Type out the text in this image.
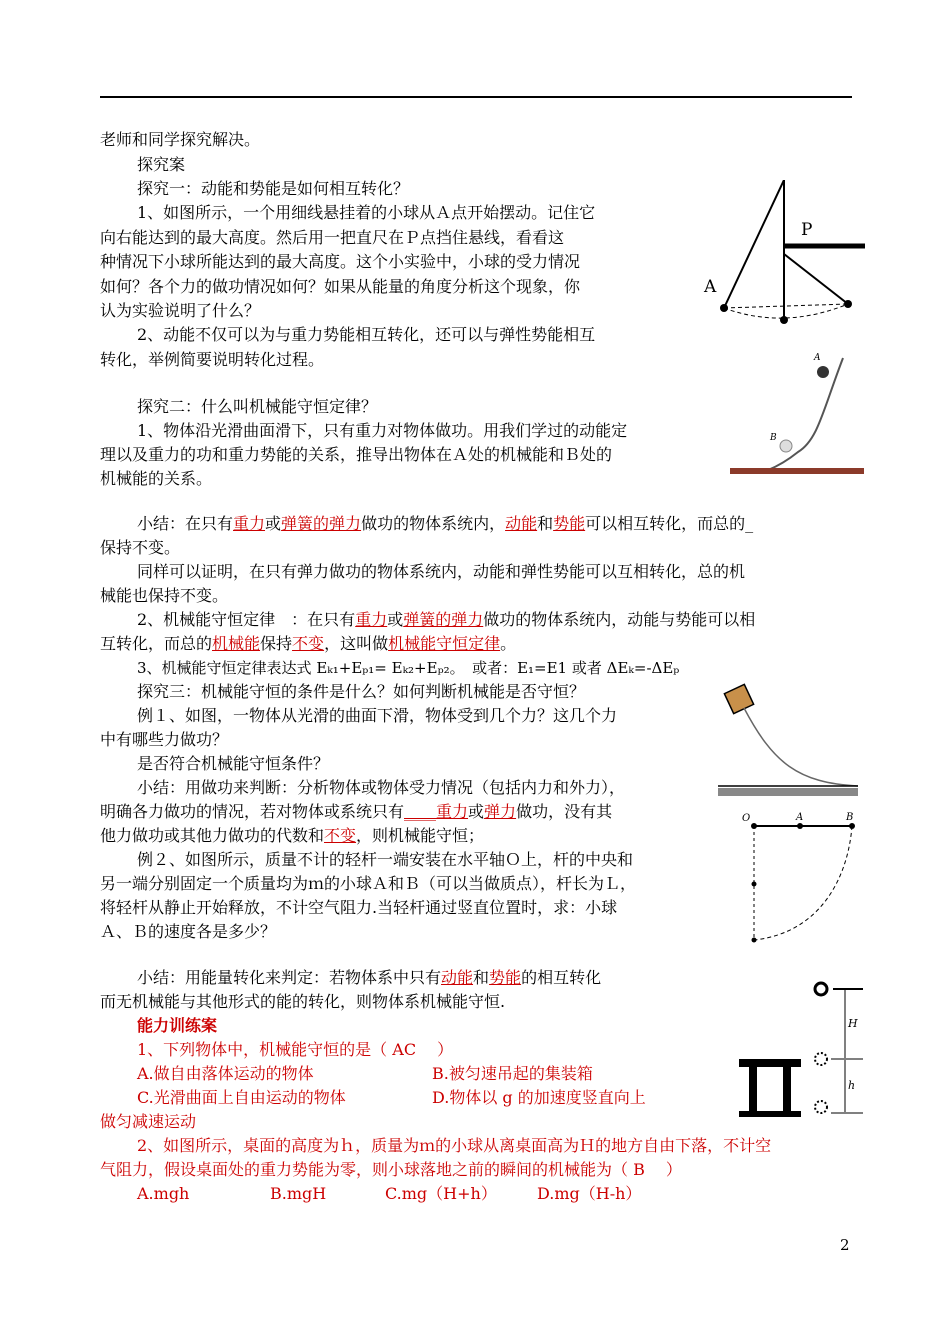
老师和同学探究解决。
探究案
探究一：动能和势能是如何相互转化？
1、如图所示，一个用细线悬挂着的小球从Ａ点开始摆动。记住它
向右能达到的最大高度。然后用一把直尺在Ｐ点挡住悬线，看看这
种情况下小球所能达到的最大高度。这个小实验中，小球的受力情况
如何？各个力的做功情况如何？如果从能量的角度分析这个现象，你
认为实验说明了什么？
2、动能不仅可以为与重力势能相互转化，还可以与弹性势能相互
转化，举例简要说明转化过程。
探究二：什么叫机械能守恒定律？
1、物体沿光滑曲面滑下，只有重力对物体做功。用我们学过的动能定
理以及重力的功和重力势能的关系，推导出物体在Ａ处的机械能和Ｂ处的
机械能的关系。
小结：在只有重力或弹簧的弹力做功的物体系统内，动能和势能可以相互转化，而总的_
保持不变。
同样可以证明，在只有弹力做功的物体系统内，动能和弹性势能可以互相转化，总的机
械能也保持不变。
2、机械能守恒定律　：在只有重力或弹簧的弹力做功的物体系统内，动能与势能可以相
互转化，而总的机械能保持不变，这叫做机械能守恒定律。
3、机械能守恒定律表达式 Eₖ₁+Eₚ₁= Eₖ₂+Eₚ₂。　或者：E₁=E1 或者 ΔEₖ=-ΔEₚ
探究三：机械能守恒的条件是什么？如何判断机械能是否守恒？
例１、如图，一物体从光滑的曲面下滑，物体受到几个力？这几个力
中有哪些力做功？
是否符合机械能守恒条件？
小结：用做功来判断：分析物体或物体受力情况（包括内力和外力），
明确各力做功的情况，若对物体或系统只有____重力或弹力做功，没有其
他力做功或其他力做功的代数和不变，则机械能守恒；
例２、如图所示，质量不计的轻杆一端安装在水平轴Ｏ上，杆的中央和
另一端分别固定一个质量均为ｍ的小球Ａ和Ｂ（可以当做质点），杆长为Ｌ，
将轻杆从静止开始释放，不计空气阻力.当轻杆通过竖直位置时，求：小球
Ａ、Ｂ的速度各是多少？
小结：用能量转化来判定：若物体系中只有动能和势能的相互转化
而无机械能与其他形式的能的转化，则物体系机械能守恒.
能力训练案
1、下列物体中，机械能守恒的是（ AC　 ）
A.做自由落体运动的物体	B.被匀速吊起的集装箱
C.光滑曲面上自由运动的物体	D.物体以 g 的加速度竖直向上
做匀减速运动
2、如图所示，桌面的高度为ｈ，质量为ｍ的小球从离桌面高为Ｈ的地方自由下落，不计空
气阻力，假设桌面处的重力势能为零，则小球落地之前的瞬间的机械能为（ B　 ）
A.mgh	B.mgH	C.mg（H+h）	D.mg（H-h）
2
P
A
A
B
O	A	B
H
h
